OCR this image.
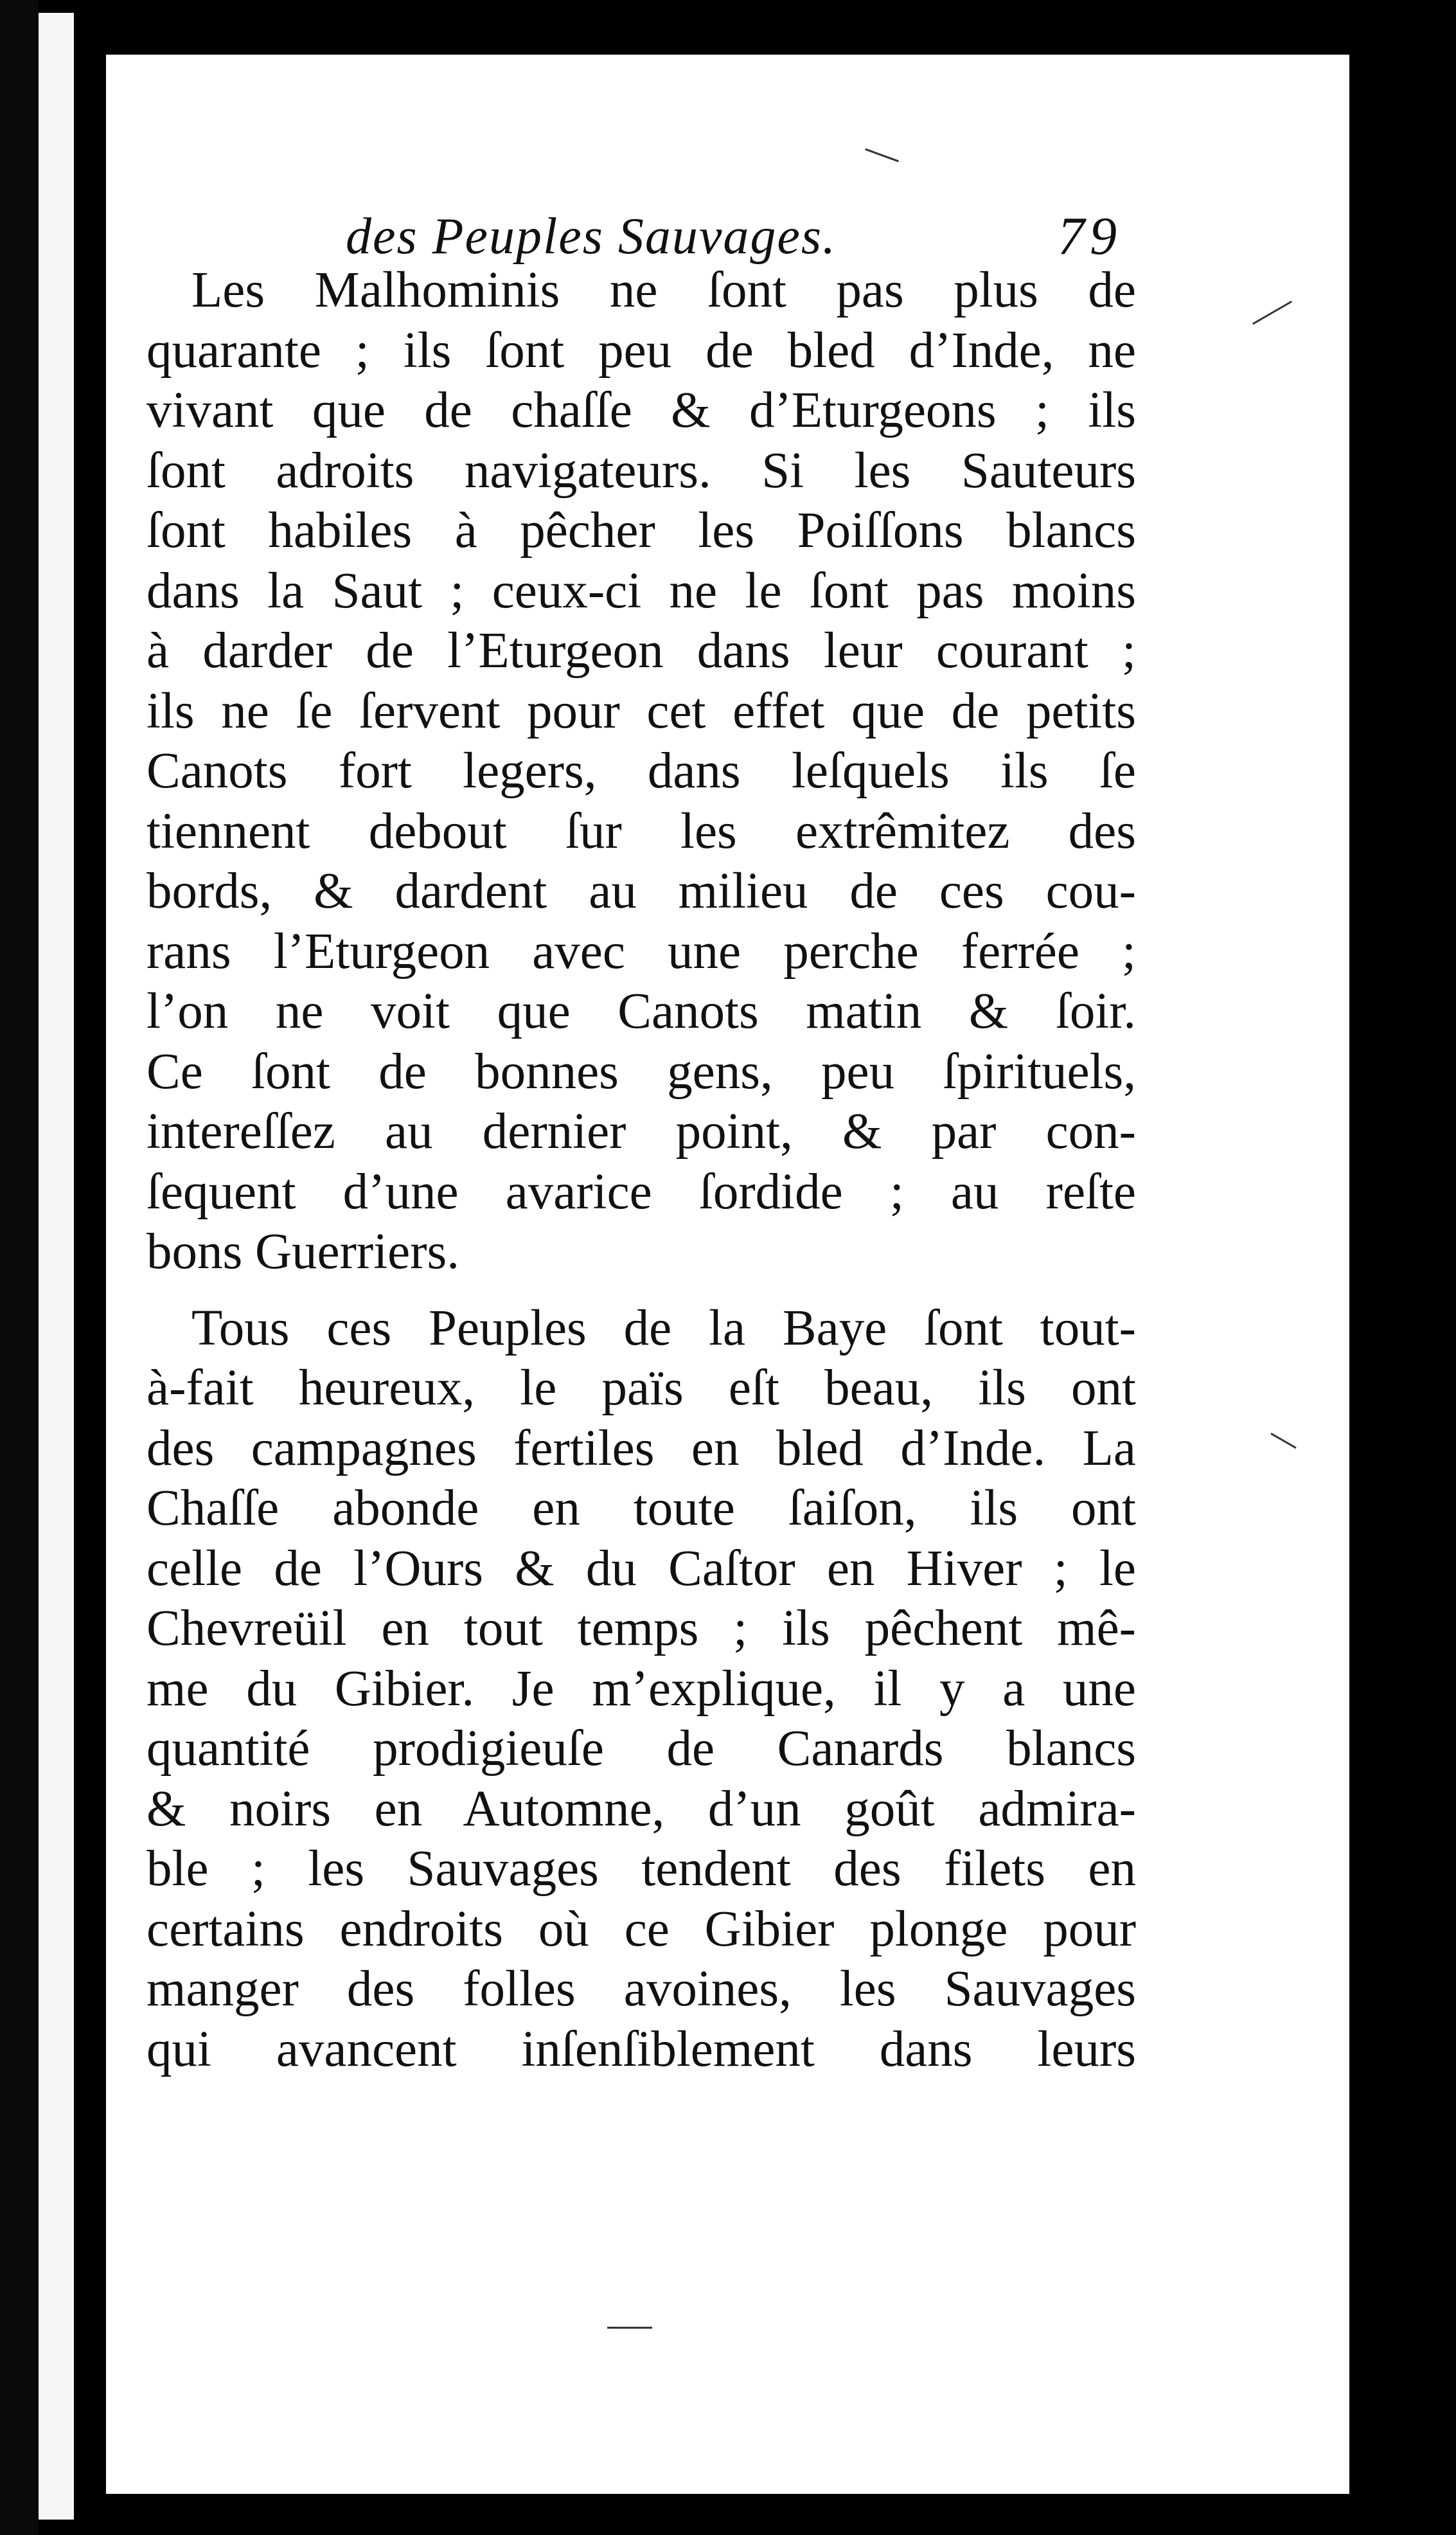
des Peuples Sauvages.	79
Les Malhominis ne ſont pas plus de
quarante ; ils ſont peu de bled d’Inde, ne
vivant que de chaſſe & d’Eturgeons ; ils
ſont adroits navigateurs. Si les Sauteurs
ſont habiles à pêcher les Poiſſons blancs
dans la Saut ; ceux-ci ne le ſont pas moins
à darder de l’Eturgeon dans leur courant ;
ils ne ſe ſervent pour cet effet que de petits
Canots fort legers, dans leſquels ils ſe
tiennent debout ſur les extrêmitez des
bords, & dardent au milieu de ces cou-
rans l’Eturgeon avec une perche ferrée ;
l’on ne voit que Canots matin & ſoir.
Ce ſont de bonnes gens, peu ſpirituels,
intereſſez au dernier point, & par con-
ſequent d’une avarice ſordide ; au reſte
bons Guerriers.
Tous ces Peuples de la Baye ſont tout-
à-fait heureux, le païs eſt beau, ils ont
des campagnes fertiles en bled d’Inde. La
Chaſſe abonde en toute ſaiſon, ils ont
celle de l’Ours & du Caſtor en Hiver ; le
Chevreüil en tout temps ; ils pêchent mê-
me du Gibier. Je m’explique, il y a une
quantité prodigieuſe de Canards blancs
& noirs en Automne, d’un goût admira-
ble ; les Sauvages tendent des filets en
certains endroits où ce Gibier plonge pour
manger des folles avoines, les Sauvages
qui avancent inſenſiblement dans leurs
